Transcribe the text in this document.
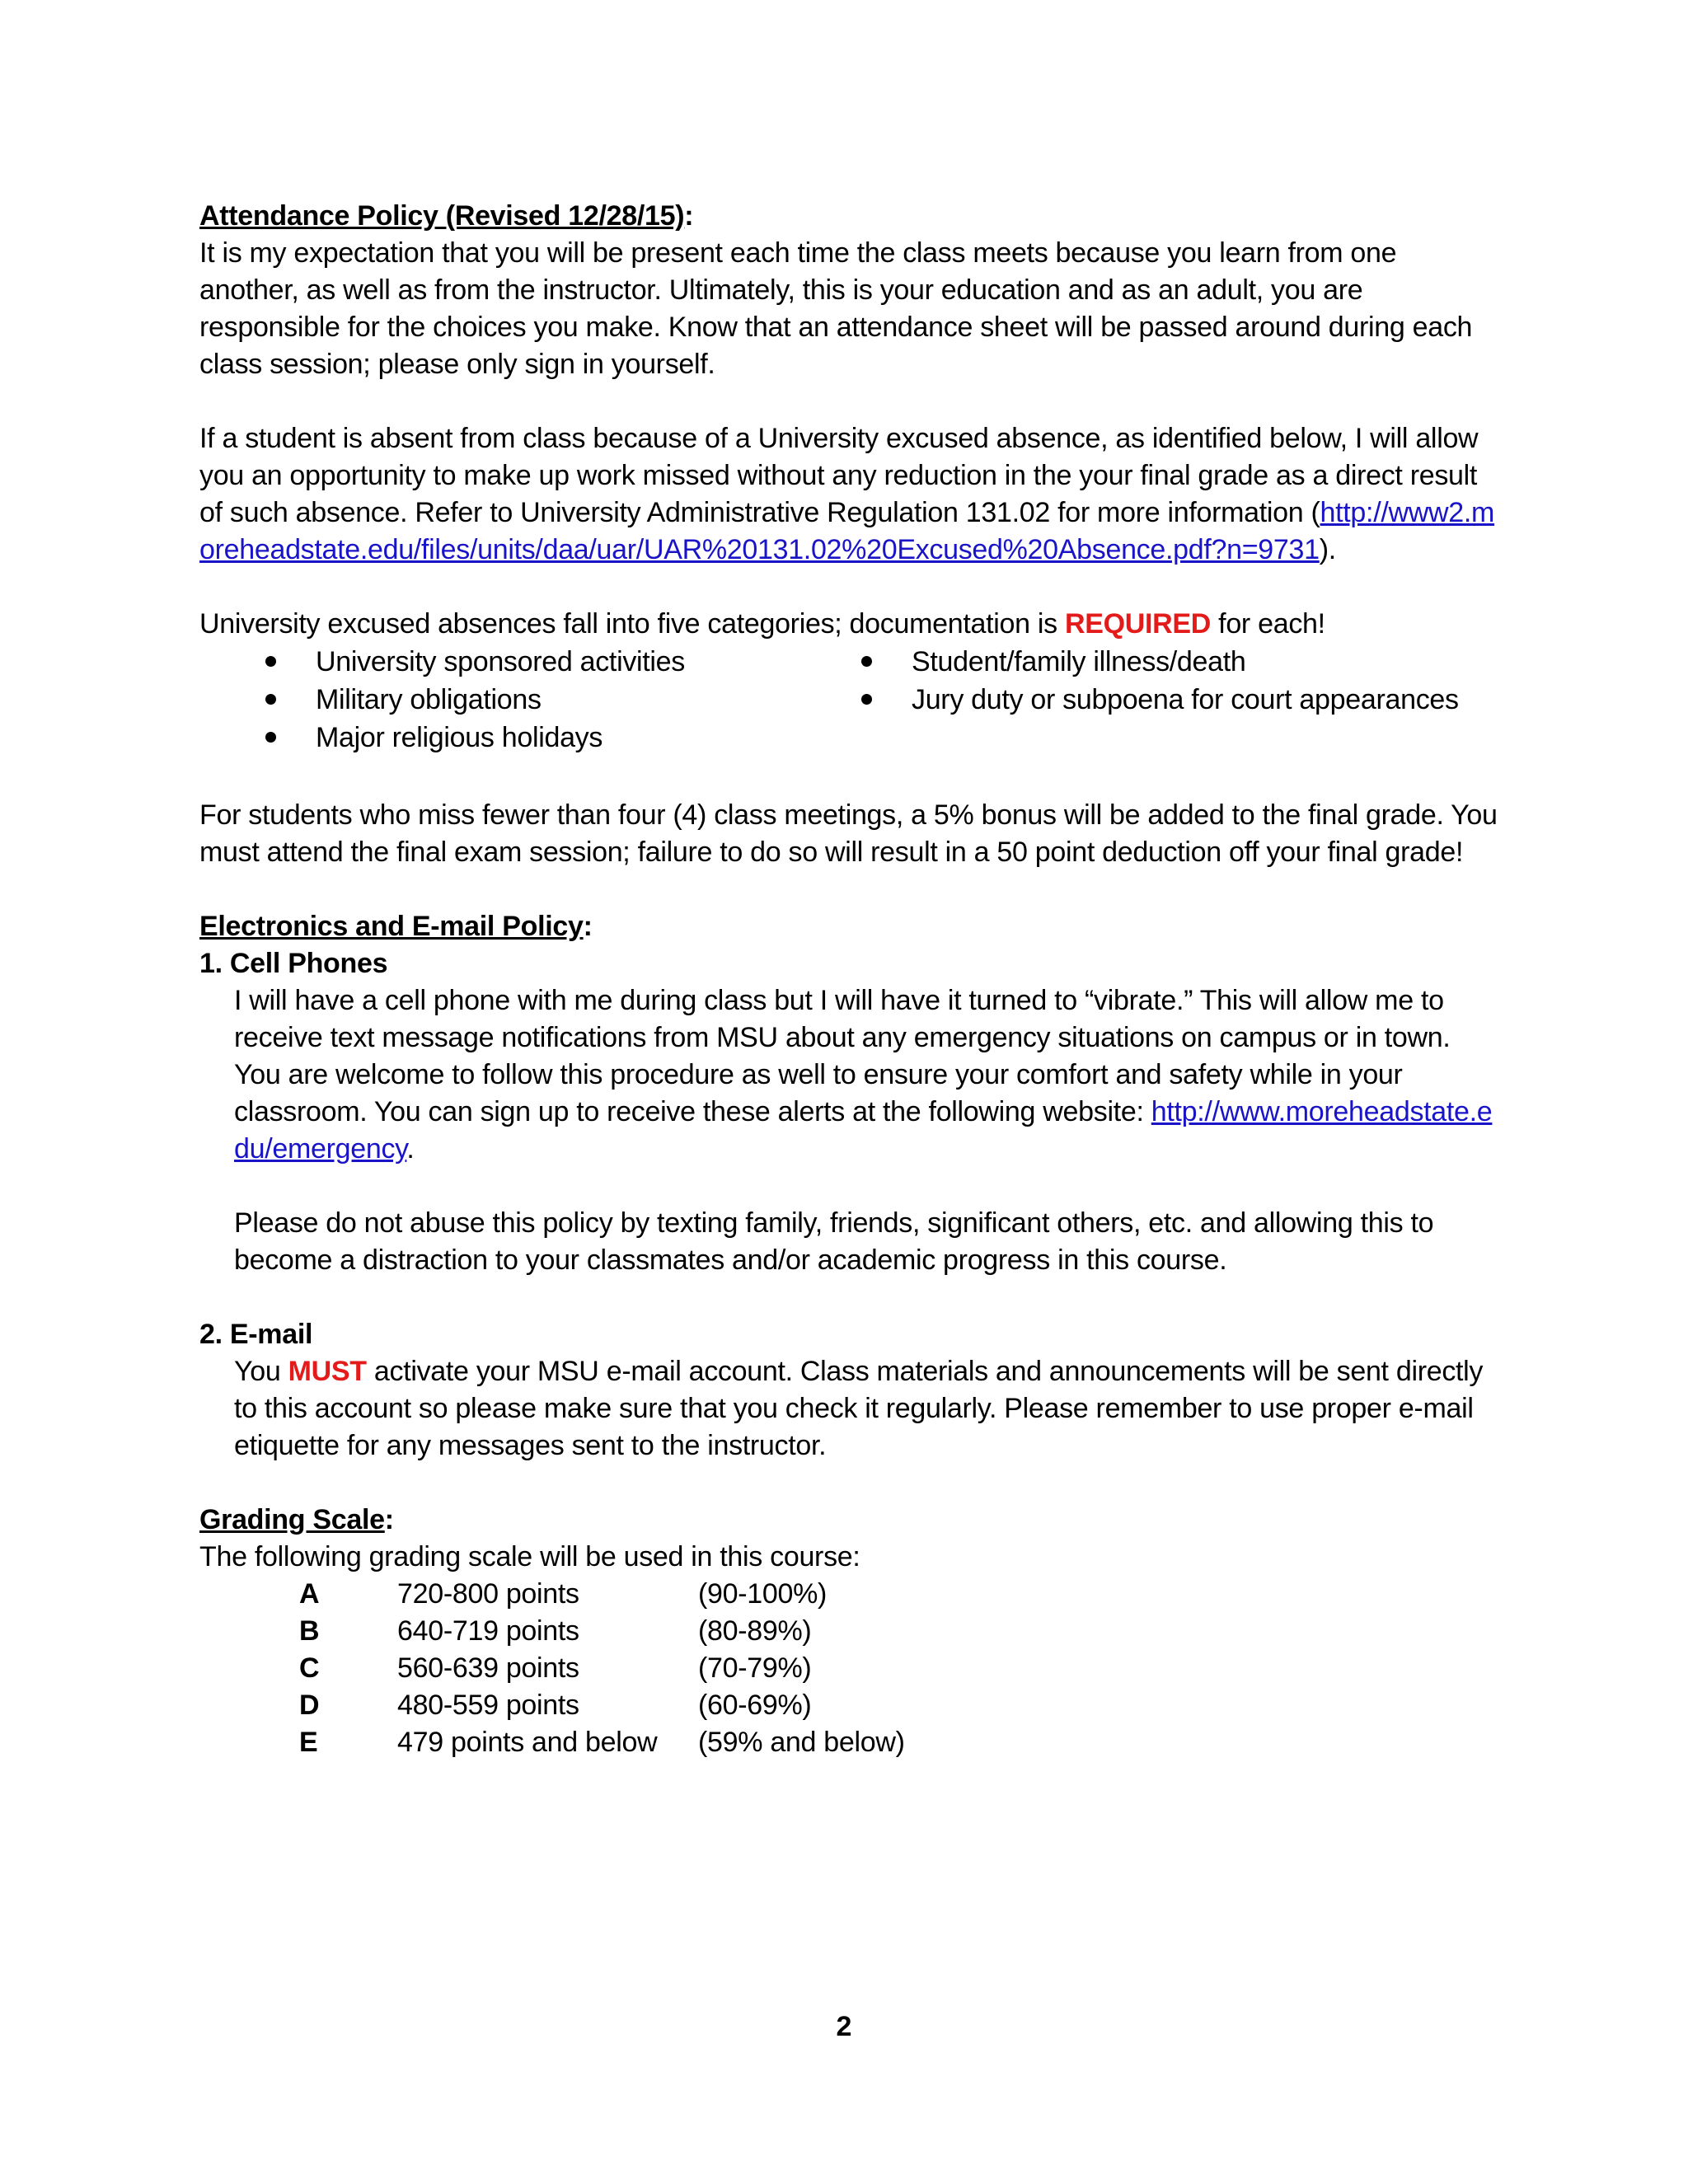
Attendance Policy (Revised 12/28/15):

It is my expectation that you will be present each time the class meets because you learn from one another, as well as from the instructor. Ultimately, this is your education and as an adult, you are responsible for the choices you make. Know that an attendance sheet will be passed around during each class session; please only sign in yourself.

If a student is absent from class because of a University excused absence, as identified below, I will allow you an opportunity to make up work missed without any reduction in the your final grade as a direct result of such absence. Refer to University Administrative Regulation 131.02 for more information (http://www2.moreheadstate.edu/files/units/daa/uar/UAR%20131.02%20Excused%20Absence.pdf?n=9731).

University excused absences fall into five categories; documentation is REQUIRED for each!

University sponsored activities
Military obligations
Major religious holidays
Student/family illness/death
Jury duty or subpoena for court appearances

For students who miss fewer than four (4) class meetings, a 5% bonus will be added to the final grade. You must attend the final exam session; failure to do so will result in a 50 point deduction off your final grade!

Electronics and E-mail Policy:

1. Cell Phones

I will have a cell phone with me during class but I will have it turned to “vibrate.” This will allow me to receive text message notifications from MSU about any emergency situations on campus or in town. You are welcome to follow this procedure as well to ensure your comfort and safety while in your classroom. You can sign up to receive these alerts at the following website: http://www.moreheadstate.edu/emergency.

Please do not abuse this policy by texting family, friends, significant others, etc. and allowing this to become a distraction to your classmates and/or academic progress in this course.

2. E-mail

You MUST activate your MSU e-mail account. Class materials and announcements will be sent directly to this account so please make sure that you check it regularly. Please remember to use proper e-mail etiquette for any messages sent to the instructor.

Grading Scale:

The following grading scale will be used in this course:

A	720-800 points	(90-100%)
B	640-719 points	(80-89%)
C	560-639 points	(70-79%)
D	480-559 points	(60-69%)
E	479 points and below	(59% and below)
2
